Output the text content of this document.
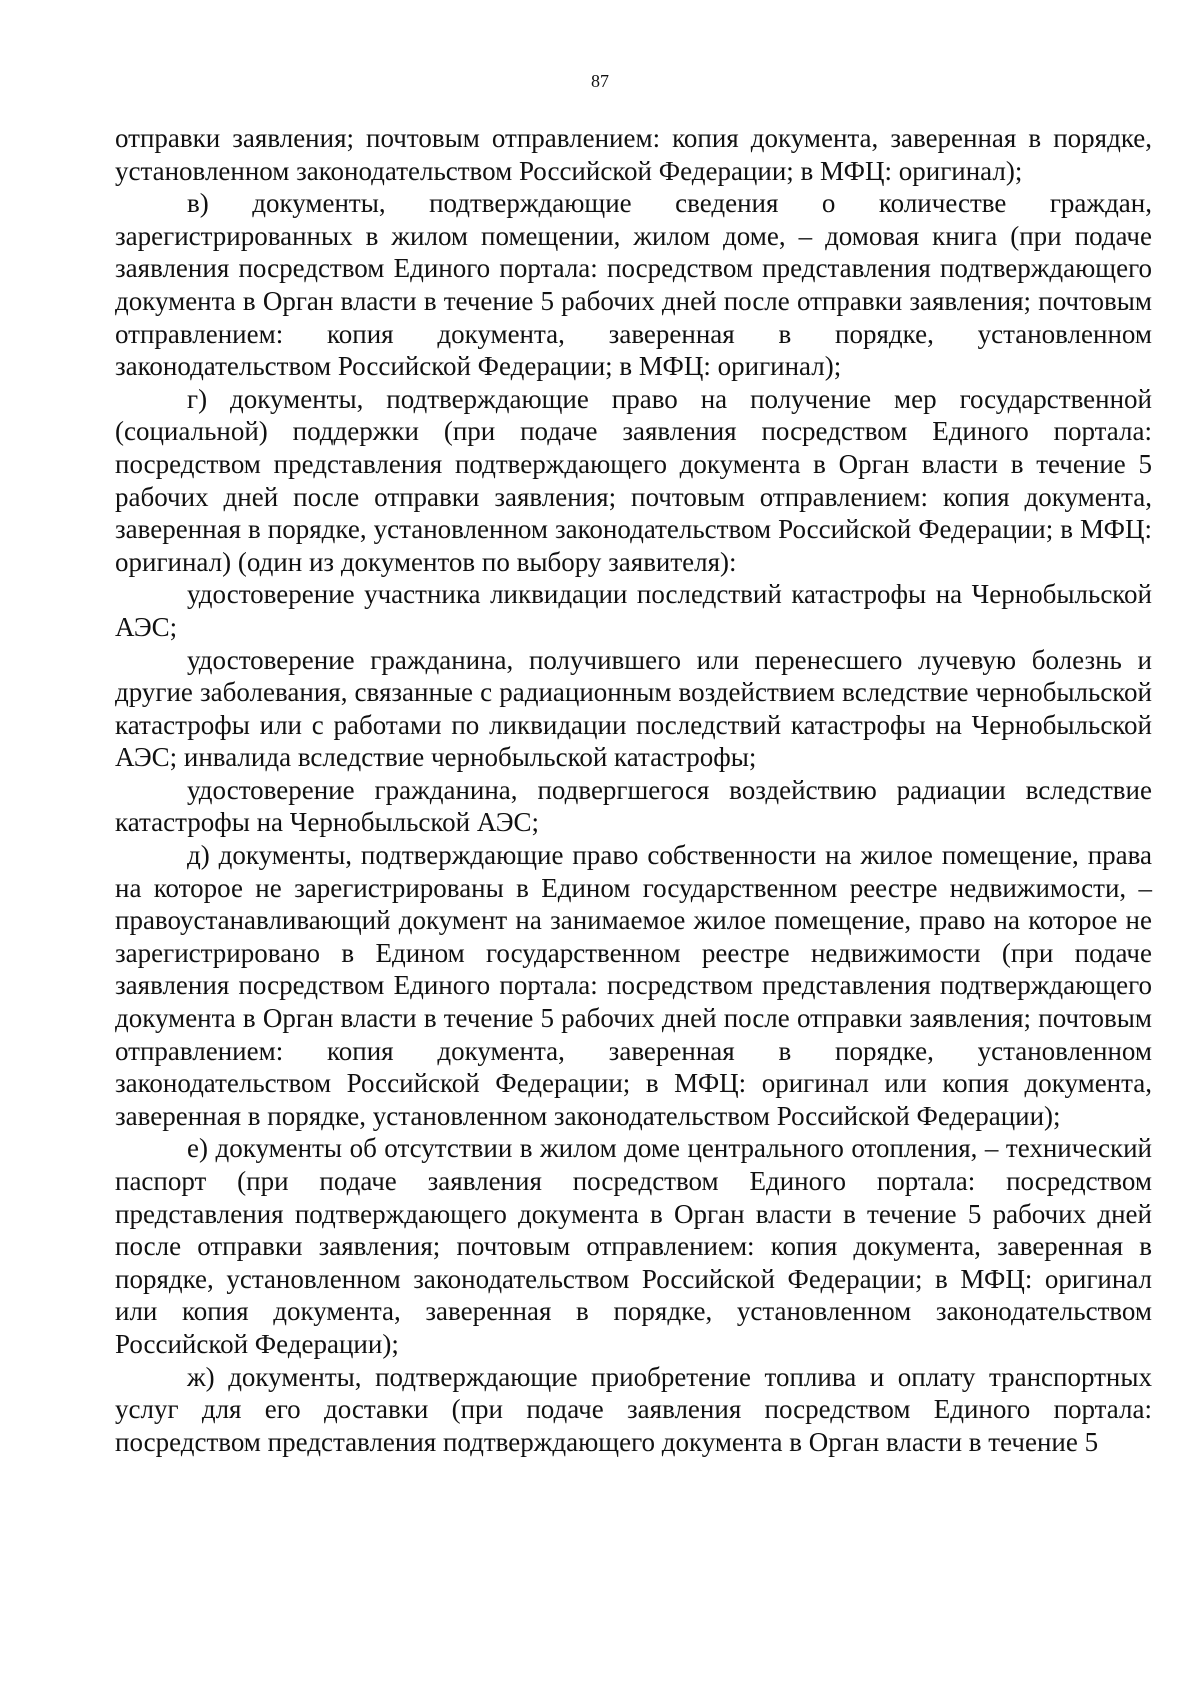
87

отправки заявления; почтовым отправлением: копия документа, заверенная в порядке, установленном законодательством Российской Федерации; в МФЦ: оригинал);

в) документы, подтверждающие сведения о количестве граждан, зарегистрированных в жилом помещении, жилом доме, – домовая книга (при подаче заявления посредством Единого портала: посредством представления подтверждающего документа в Орган власти в течение 5 рабочих дней после отправки заявления; почтовым отправлением: копия документа, заверенная в порядке, установленном законодательством Российской Федерации; в МФЦ: оригинал);

г) документы, подтверждающие право на получение мер государственной (социальной) поддержки (при подаче заявления посредством Единого портала: посредством представления подтверждающего документа в Орган власти в течение 5 рабочих дней после отправки заявления; почтовым отправлением: копия документа, заверенная в порядке, установленном законодательством Российской Федерации; в МФЦ: оригинал) (один из документов по выбору заявителя):

удостоверение участника ликвидации последствий катастрофы на Чернобыльской АЭС;

удостоверение гражданина, получившего или перенесшего лучевую болезнь и другие заболевания, связанные с радиационным воздействием вследствие чернобыльской катастрофы или с работами по ликвидации последствий катастрофы на Чернобыльской АЭС; инвалида вследствие чернобыльской катастрофы;

удостоверение гражданина, подвергшегося воздействию радиации вследствие катастрофы на Чернобыльской АЭС;

д) документы, подтверждающие право собственности на жилое помещение, права на которое не зарегистрированы в Едином государственном реестре недвижимости, – правоустанавливающий документ на занимаемое жилое помещение, право на которое не зарегистрировано в Едином государственном реестре недвижимости (при подаче заявления посредством Единого портала: посредством представления подтверждающего документа в Орган власти в течение 5 рабочих дней после отправки заявления; почтовым отправлением: копия документа, заверенная в порядке, установленном законодательством Российской Федерации; в МФЦ: оригинал или копия документа, заверенная в порядке, установленном законодательством Российской Федерации);

е) документы об отсутствии в жилом доме центрального отопления, – технический паспорт (при подаче заявления посредством Единого портала: посредством представления подтверждающего документа в Орган власти в течение 5 рабочих дней после отправки заявления; почтовым отправлением: копия документа, заверенная в порядке, установленном законодательством Российской Федерации; в МФЦ: оригинал или копия документа, заверенная в порядке, установленном законодательством Российской Федерации);

ж) документы, подтверждающие приобретение топлива и оплату транспортных услуг для его доставки (при подаче заявления посредством Единого портала: посредством представления подтверждающего документа в Орган власти в течение 5
